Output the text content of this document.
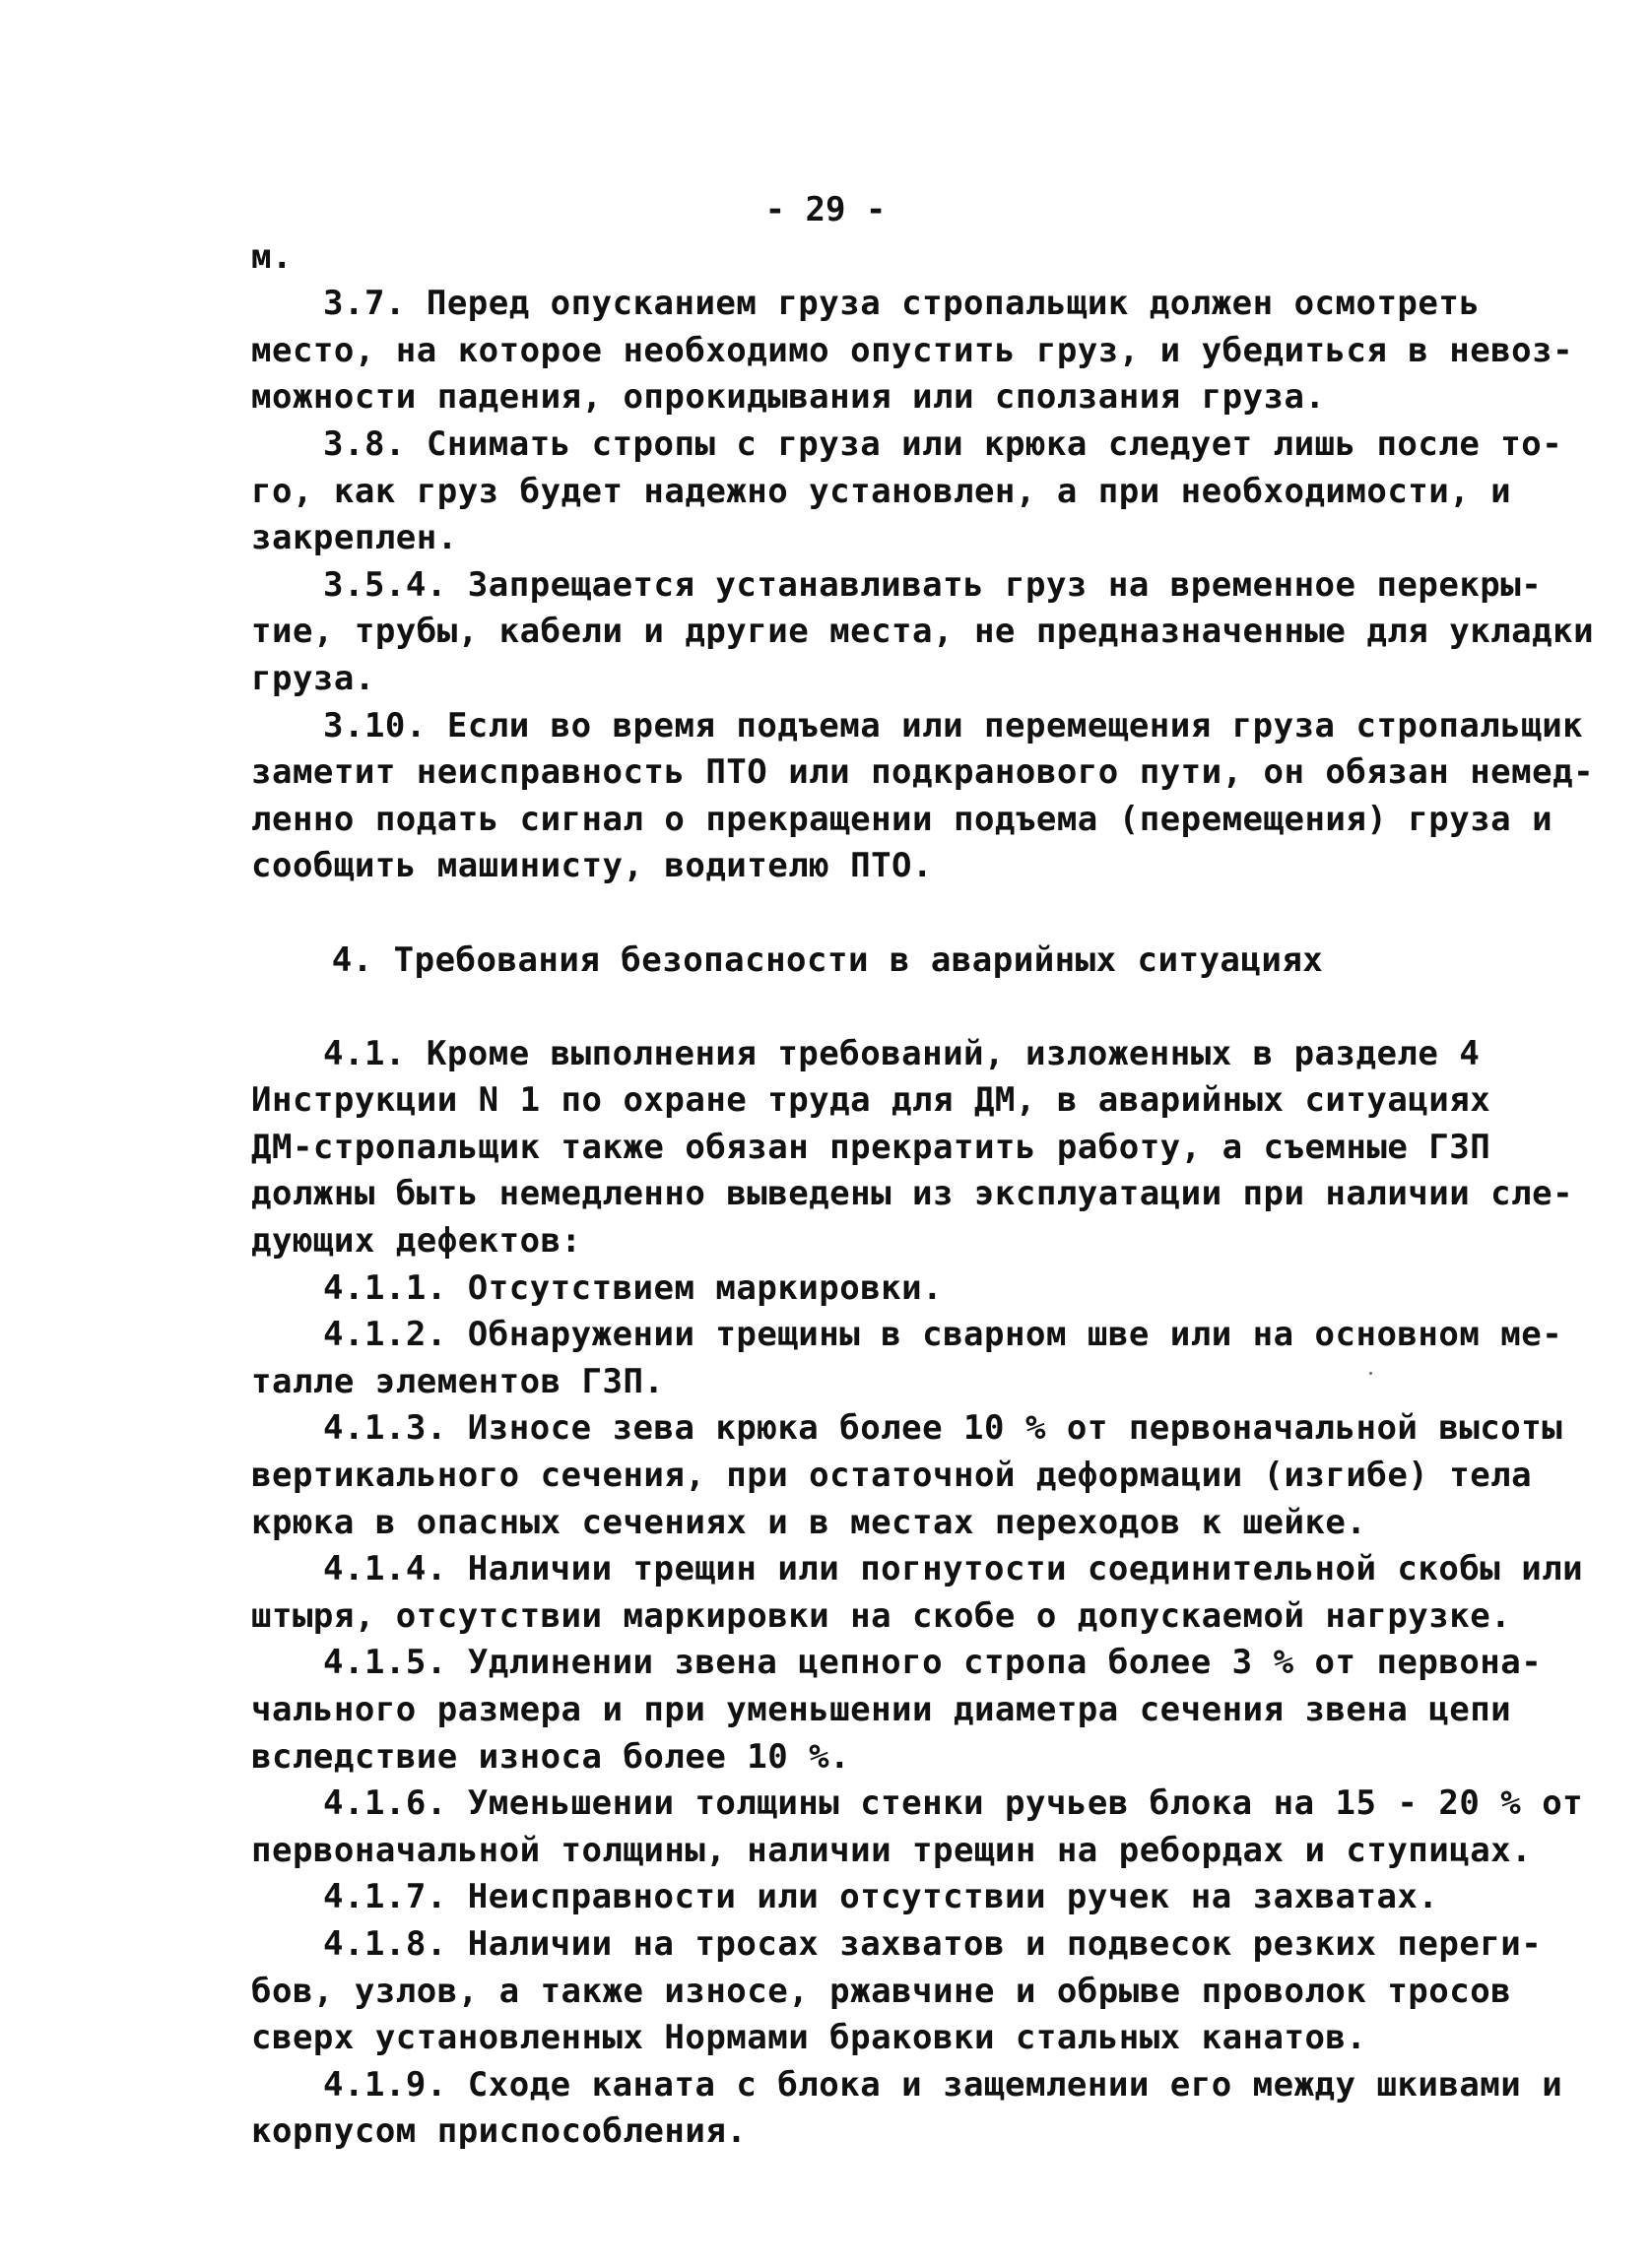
- 29 -
м.
3.7. Перед опусканием груза стропальщик должен осмотреть
место, на которое необходимо опустить груз, и убедиться в невоз-
можности падения, опрокидывания или сползания груза.
3.8. Снимать стропы с груза или крюка следует лишь после то-
го, как груз будет надежно установлен, а при необходимости, и
закреплен.
3.5.4. Запрещается устанавливать груз на временное перекры-
тие, трубы, кабели и другие места, не предназначенные для укладки
груза.
3.10. Если во время подъема или перемещения груза стропальщик
заметит неисправность ПТО или подкранового пути, он обязан немед-
ленно подать сигнал о прекращении подъема (перемещения) груза и
сообщить машинисту, водителю ПТО.
4. Требования безопасности в аварийных ситуациях
4.1. Кроме выполнения требований, изложенных в разделе 4
Инструкции N 1 по охране труда для ДМ, в аварийных ситуациях
ДМ-стропальщик также обязан прекратить работу, а съемные ГЗП
должны быть немедленно выведены из эксплуатации при наличии сле-
дующих дефектов:
4.1.1. Отсутствием маркировки.
4.1.2. Обнаружении трещины в сварном шве или на основном ме-
талле элементов ГЗП.
4.1.3. Износе зева крюка более 10 % от первоначальной высоты
вертикального сечения, при остаточной деформации (изгибе) тела
крюка в опасных сечениях и в местах переходов к шейке.
4.1.4. Наличии трещин или погнутости соединительной скобы или
штыря, отсутствии маркировки на скобе о допускаемой нагрузке.
4.1.5. Удлинении звена цепного стропа более 3 % от первона-
чального размера и при уменьшении диаметра сечения звена цепи
вследствие износа более 10 %.
4.1.6. Уменьшении толщины стенки ручьев блока на 15 - 20 % от
первоначальной толщины, наличии трещин на ребордах и ступицах.
4.1.7. Неисправности или отсутствии ручек на захватах.
4.1.8. Наличии на тросах захватов и подвесок резких переги-
бов, узлов, а также износе, ржавчине и обрыве проволок тросов
сверх установленных Нормами браковки стальных канатов.
4.1.9. Сходе каната с блока и защемлении его между шкивами и
корпусом приспособления.
